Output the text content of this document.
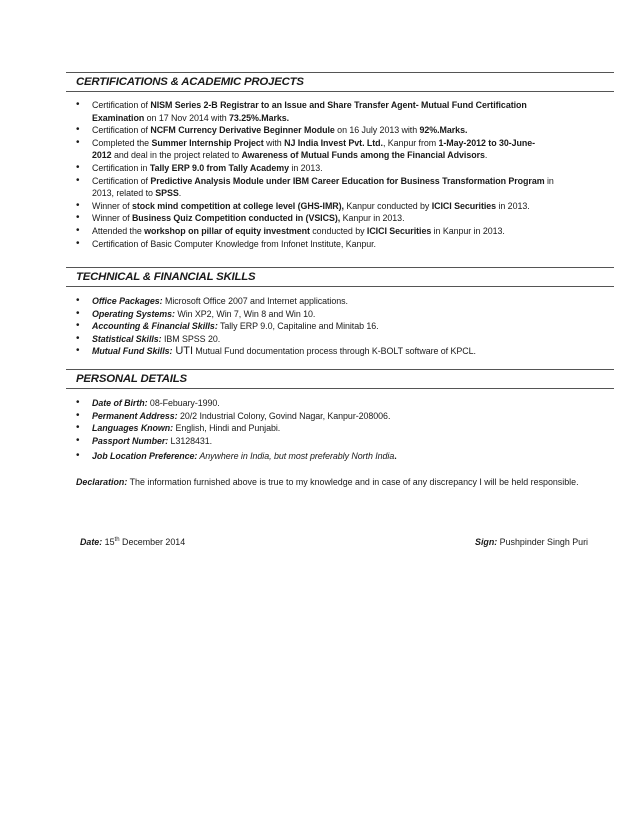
CERTIFICATIONS & ACADEMIC PROJECTS
• Certification of NISM Series 2-B Registrar to an Issue and Share Transfer Agent- Mutual Fund Certification Examination on 17 Nov 2014 with 73.25%.Marks.
• Certification of NCFM Currency Derivative Beginner Module on 16 July 2013 with 92%.Marks.
• Completed the Summer Internship Project with NJ India Invest Pvt. Ltd., Kanpur from 1-May-2012 to 30-June-2012 and deal in the project related to Awareness of Mutual Funds among the Financial Advisors.
• Certification in Tally ERP 9.0 from Tally Academy in 2013.
• Certification of Predictive Analysis Module under IBM Career Education for Business Transformation Program in 2013, related to SPSS.
• Winner of stock mind competition at college level (GHS-IMR), Kanpur conducted by ICICI Securities in 2013.
• Winner of Business Quiz Competition conducted in (VSICS), Kanpur in 2013.
• Attended the workshop on pillar of equity investment conducted by ICICI Securities in Kanpur in 2013.
• Certification of Basic Computer Knowledge from Infonet Institute, Kanpur.
TECHNICAL & FINANCIAL SKILLS
• Office Packages: Microsoft Office 2007 and Internet applications.
• Operating Systems: Win XP2, Win 7, Win 8 and Win 10.
• Accounting & Financial Skills: Tally ERP 9.0, Capitaline and Minitab 16.
• Statistical Skills: IBM SPSS 20.
• Mutual Fund Skills: UTI Mutual Fund documentation process through K-BOLT software of KPCL.
PERSONAL DETAILS
• Date of Birth: 08-Febuary-1990.
• Permanent Address: 20/2 Industrial Colony, Govind Nagar, Kanpur-208006.
• Languages Known: English, Hindi and Punjabi.
• Passport Number: L3128431.
• Job Location Preference: Anywhere in India, but most preferably North India.
Declaration: The information furnished above is true to my knowledge and in case of any discrepancy I will be held responsible.
Date: 15th December 2014	Sign: Pushpinder Singh Puri
